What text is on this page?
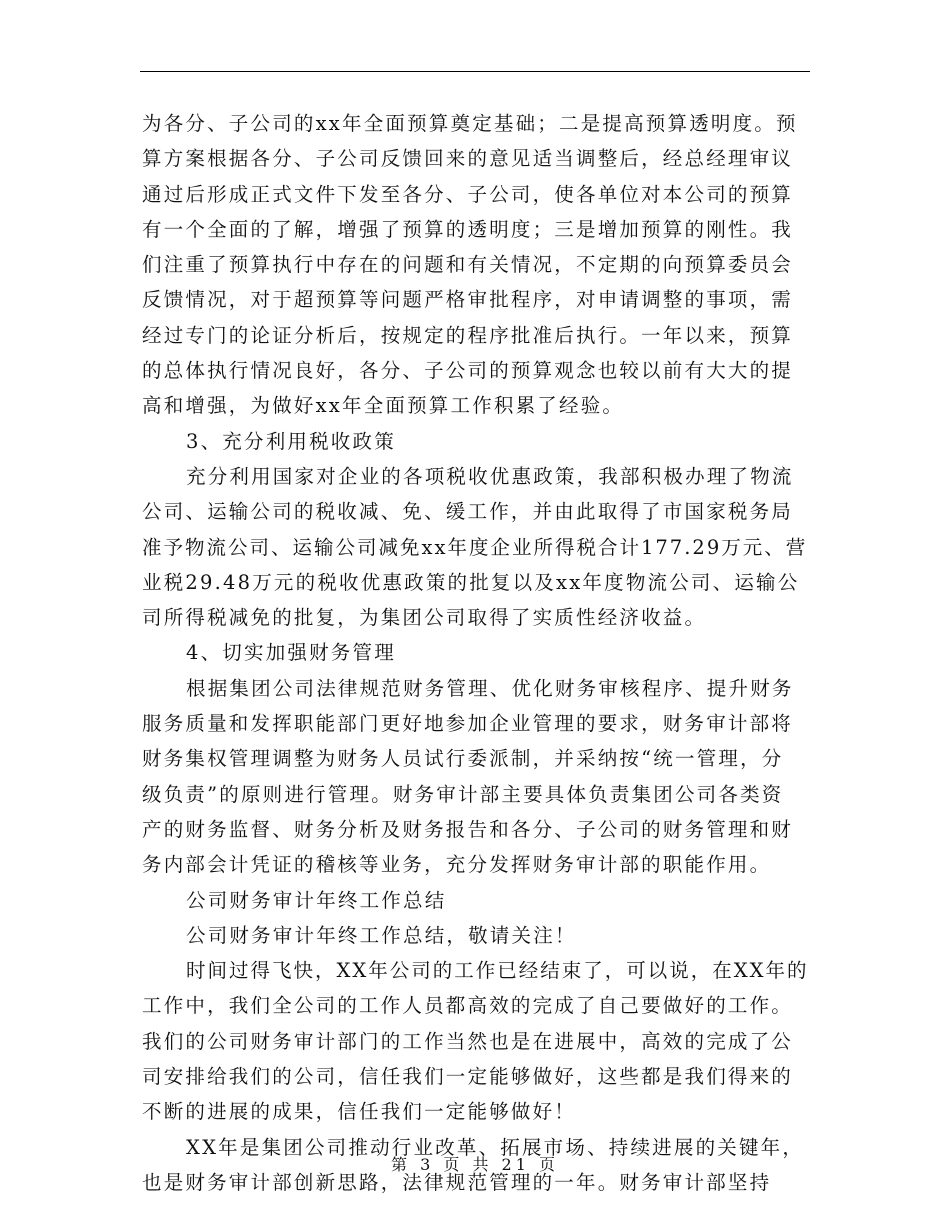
为各分、子公司的xx年全面预算奠定基础；二是提高预算透明度。预
算方案根据各分、子公司反馈回来的意见适当调整后，经总经理审议
通过后形成正式文件下发至各分、子公司，使各单位对本公司的预算
有一个全面的了解，增强了预算的透明度；三是增加预算的刚性。我
们注重了预算执行中存在的问题和有关情况，不定期的向预算委员会
反馈情况，对于超预算等问题严格审批程序，对申请调整的事项，需
经过专门的论证分析后，按规定的程序批准后执行。一年以来，预算
的总体执行情况良好，各分、子公司的预算观念也较以前有大大的提
高和增强，为做好xx年全面预算工作积累了经验。
3、充分利用税收政策
充分利用国家对企业的各项税收优惠政策，我部积极办理了物流
公司、运输公司的税收减、免、缓工作，并由此取得了市国家税务局
准予物流公司、运输公司减免xx年度企业所得税合计177.29万元、营
业税29.48万元的税收优惠政策的批复以及xx年度物流公司、运输公
司所得税减免的批复，为集团公司取得了实质性经济收益。
4、切实加强财务管理
根据集团公司法律规范财务管理、优化财务审核程序、提升财务
服务质量和发挥职能部门更好地参加企业管理的要求，财务审计部将
财务集权管理调整为财务人员试行委派制，并采纳按“统一管理，分
级负责”的原则进行管理。财务审计部主要具体负责集团公司各类资
产的财务监督、财务分析及财务报告和各分、子公司的财务管理和财
务内部会计凭证的稽核等业务，充分发挥财务审计部的职能作用。
公司财务审计年终工作总结
公司财务审计年终工作总结，敬请关注！
时间过得飞快，XX年公司的工作已经结束了，可以说，在XX年的
工作中，我们全公司的工作人员都高效的完成了自己要做好的工作。
我们的公司财务审计部门的工作当然也是在进展中，高效的完成了公
司安排给我们的公司，信任我们一定能够做好，这些都是我们得来的
不断的进展的成果，信任我们一定能够做好！
XX年是集团公司推动行业改革、拓展市场、持续进展的关键年，
也是财务审计部创新思路，法律规范管理的一年。财务审计部坚持
第 3 页 共 21 页
